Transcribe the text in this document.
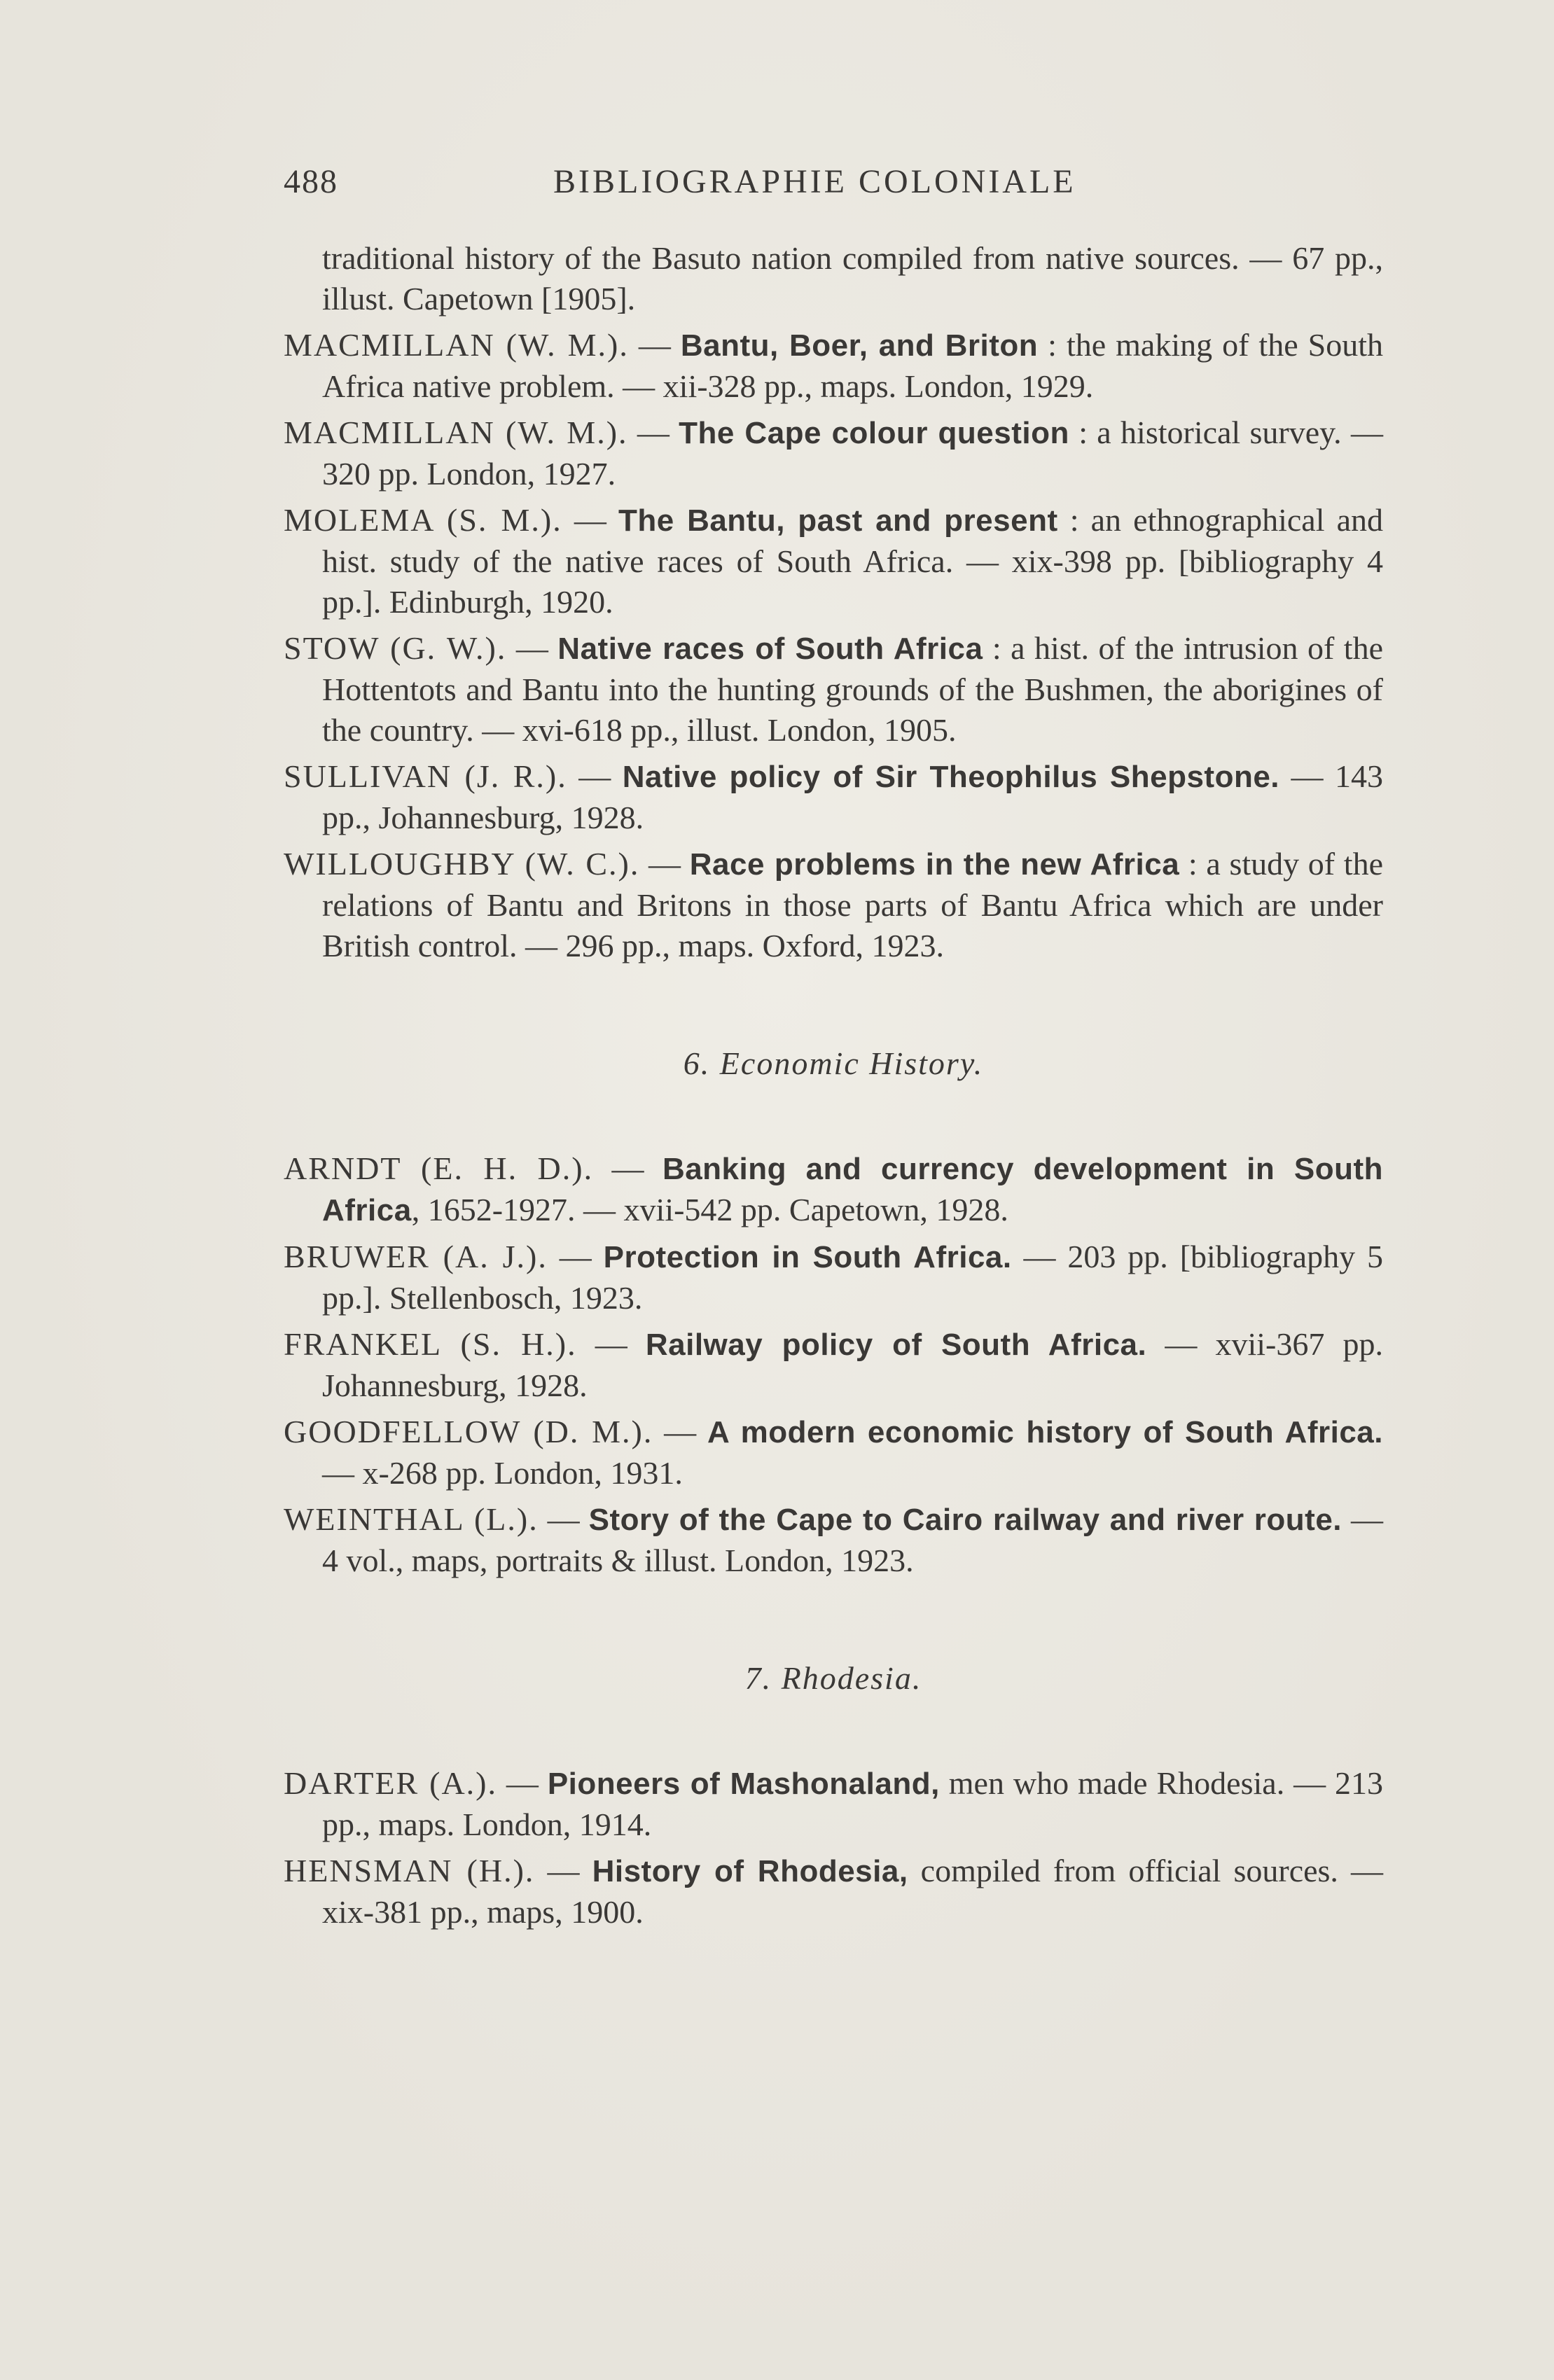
488	BIBLIOGRAPHIE COLONIALE

traditional history of the Basuto nation compiled from native sources. — 67 pp., illust. Capetown [1905].

MACMILLAN (W. M.). — Bantu, Boer, and Briton : the making of the South Africa native problem. — xii-328 pp., maps. London, 1929.

MACMILLAN (W. M.). — The Cape colour question : a historical survey. — 320 pp. London, 1927.

MOLEMA (S. M.). — The Bantu, past and present : an ethnographical and hist. study of the native races of South Africa. — xix-398 pp. [bibliography 4 pp.]. Edinburgh, 1920.

STOW (G. W.). — Native races of South Africa : a hist. of the intrusion of the Hottentots and Bantu into the hunting grounds of the Bushmen, the aborigines of the country. — xvi-618 pp., illust. London, 1905.

SULLIVAN (J. R.). — Native policy of Sir Theophilus Shepstone. — 143 pp., Johannesburg, 1928.

WILLOUGHBY (W. C.). — Race problems in the new Africa : a study of the relations of Bantu and Britons in those parts of Bantu Africa which are under British control. — 296 pp., maps. Oxford, 1923.

6. Economic History.

ARNDT (E. H. D.). — Banking and currency development in South Africa, 1652-1927. — xvii-542 pp. Capetown, 1928.

BRUWER (A. J.). — Protection in South Africa. — 203 pp. [bibliography 5 pp.]. Stellenbosch, 1923.

FRANKEL (S. H.). — Railway policy of South Africa. — xvii-367 pp. Johannesburg, 1928.

GOODFELLOW (D. M.). — A modern economic history of South Africa. — x-268 pp. London, 1931.

WEINTHAL (L.). — Story of the Cape to Cairo railway and river route. — 4 vol., maps, portraits & illust. London, 1923.

7. Rhodesia.

DARTER (A.). — Pioneers of Mashonaland, men who made Rhodesia. — 213 pp., maps. London, 1914.

HENSMAN (H.). — History of Rhodesia, compiled from official sources. — xix-381 pp., maps, 1900.
